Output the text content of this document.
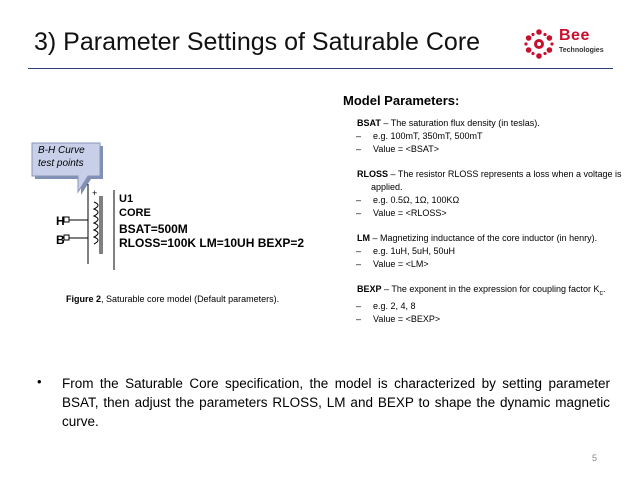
3) Parameter Settings of Saturable Core	Bee
Technologies
Model Parameters:
BSAT – The saturation flux density (in teslas).
–	e.g. 100mT, 350mT, 500mT
–	Value = <BSAT>
RLOSS – The resistor RLOSS represents a loss when a voltage is applied.
–	e.g. 0.5Ω, 1Ω, 100KΩ
–	Value = <RLOSS>
LM – Magnetizing inductance of the core inductor (in henry).
–	e.g. 1uH, 5uH, 50uH
–	Value = <LM>
BEXP – The exponent in the expression for coupling factor $K_c$.
–	e.g. 2, 4, 8
–	Value = <BEXP>
B-H Curve
test points
+ U1
CORE
BSAT=500M
RLOSS=100K LM=10UH BEXP=2
H
B
Figure 2, Saturable core model (Default parameters).
• From the Saturable Core specification, the model is characterized by setting parameter BSAT, then adjust the parameters RLOSS, LM and BEXP to shape the dynamic magnetic curve.
5
